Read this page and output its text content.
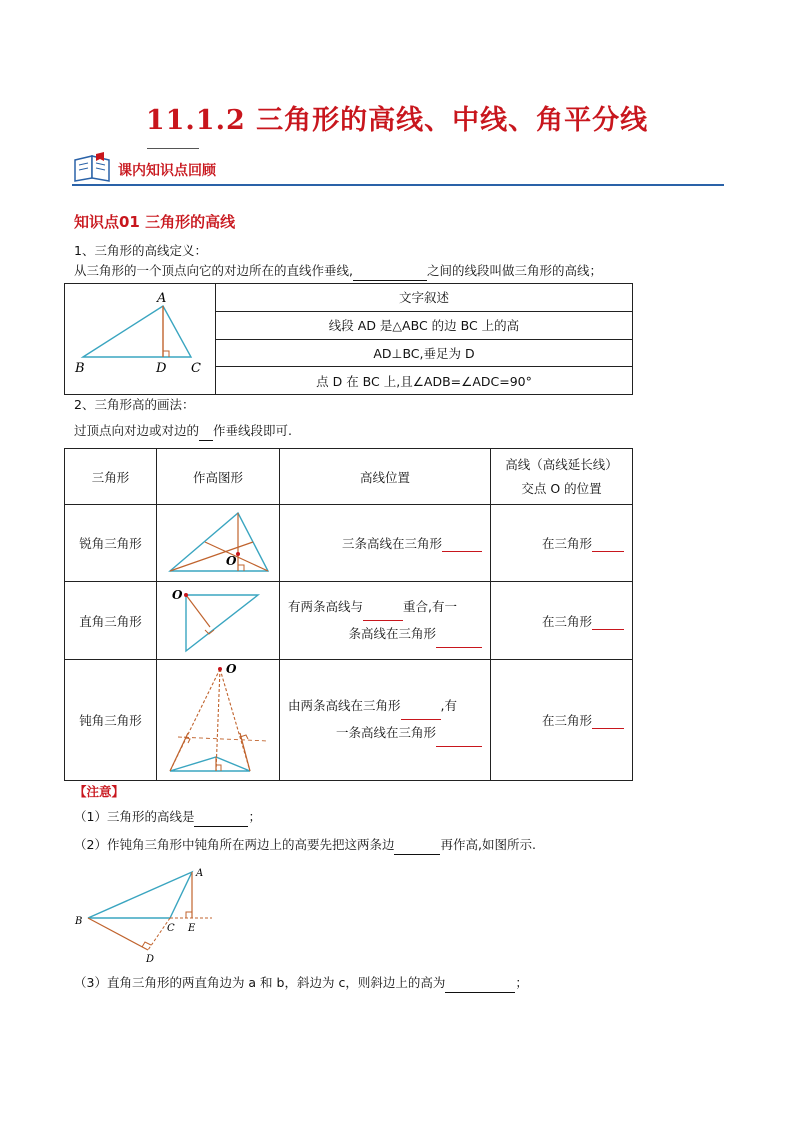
11.1.2 三角形的高线、中线、角平分线
课内知识点回顾
知识点01 三角形的高线
1、三角形的高线定义：
从三角形的一个顶点向它的对边所在的直线作垂线,	之间的线段叫做三角形的高线；
A
B	D C
	文字叙述
线段 AD 是△ABC 的边 BC 上的高
AD⊥BC,垂足为 D
点 D 在 BC 上,且∠ADB=∠ADC=90°
2、三角形高的画法：
过顶点向对边或对边的 作垂线段即可.
三角形	作高图形	高线位置	高线（高线延长线）
交点 O 的位置

锐角三角形	O	三条高线在三角形	在三角形
直角三角形	O	有两条高线与 重合,有一
条高线在三角形	在三角形
钝角三角形	O	由两条高线在三角形 ,有
一条高线在三角形	在三角形
【注意】
（1）三角形的高线是	；
（2）作钝角三角形中钝角所在两边上的高要先把这两条边	再作高,如图所示.
A
B
C E
D
（3）直角三角形的两直角边为 a 和 b，斜边为 c，则斜边上的高为	；
